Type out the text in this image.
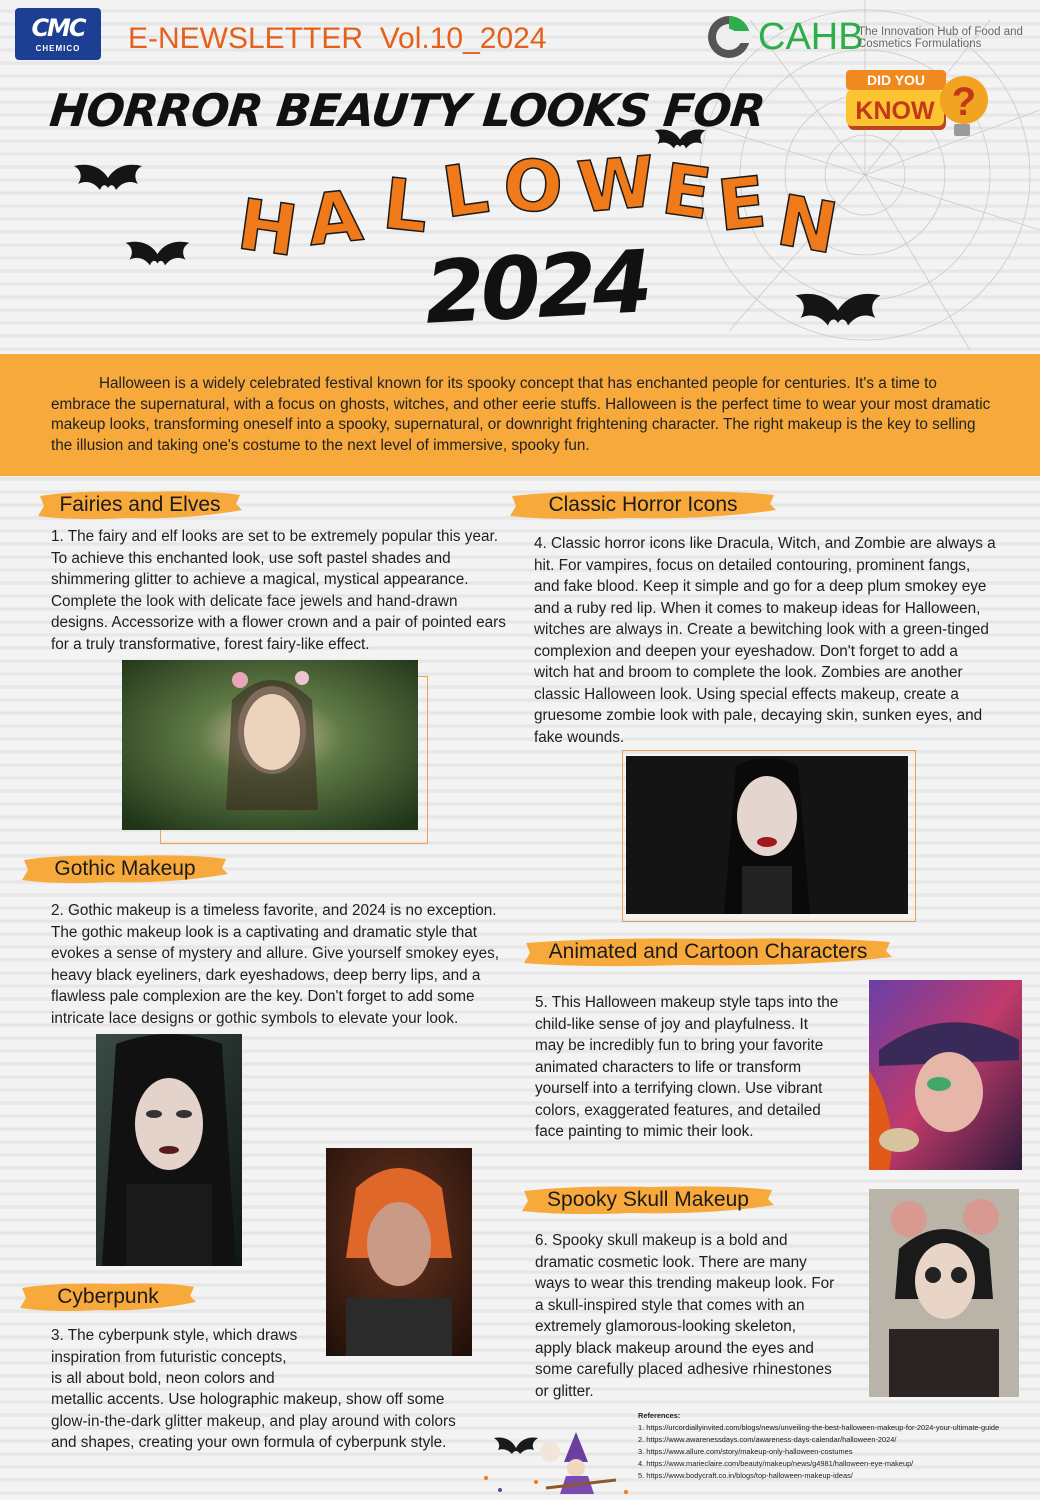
CMC
CHEMICO	E-NEWSLETTER  Vol.10_2024	CAHB
The Innovation Hub of Food and Cosmetics Formulations
DID YOU
KNOW ?
HORROR BEAUTY LOOKS FOR
H A L L O W E
E N
2024

Halloween is a widely celebrated festival known for its spooky concept that has enchanted people for centuries. It's a time to embrace the supernatural, with a focus on ghosts, witches, and other eerie stuffs. Halloween is the perfect time to wear your most dramatic makeup looks, transforming oneself into a spooky, supernatural, or downright frightening character. The right makeup is the key to selling the illusion and taking one's costume to the next level of immersive, spooky fun.

Fairies and Elves

1. The fairy and elf looks are set to be extremely popular this year. To achieve this enchanted look, use soft pastel shades and shimmering glitter to achieve a magical, mystical appearance. Complete the look with delicate face jewels and hand-drawn designs. Accessorize with a flower crown and a pair of pointed ears for a truly transformative, forest fairy-like effect.

Gothic Makeup

2. Gothic makeup is a timeless favorite, and 2024 is no exception. The gothic makeup look is a captivating and dramatic style that evokes a sense of mystery and allure. Give yourself smokey eyes, heavy black eyeliners, dark eyeshadows, deep berry lips, and a flawless pale complexion are the key. Don't forget to add some intricate lace designs or gothic symbols to elevate your look.

Cyberpunk
3. The cyberpunk style, which draws
inspiration from futuristic concepts,
is all about bold, neon colors and

metallic accents. Use holographic makeup, show off some glow-in-the-dark glitter makeup, and play around with colors and shapes, creating your own formula of cyberpunk style.

Classic Horror Icons

4. Classic horror icons like Dracula, Witch, and Zombie are always a hit. For vampires, focus on detailed contouring, prominent fangs, and fake blood. Keep it simple and go for a deep plum smokey eye and a ruby red lip. When it comes to makeup ideas for Halloween, witches are always in. Create a bewitching look with a green-tinged complexion and deepen your eyeshadow. Don't forget to add a witch hat and broom to complete the look. Zombies are another classic Halloween look. Using special effects makeup, create a gruesome zombie look with pale, decaying skin, sunken eyes, and fake wounds.

Animated and Cartoon Characters

5. This Halloween makeup style taps into the child-like sense of joy and playfulness. It may be incredibly fun to bring your favorite animated characters to life or transform yourself into a terrifying clown. Use vibrant colors, exaggerated features, and detailed face painting to mimic their look.

Spooky Skull Makeup

6. Spooky skull makeup is a bold and dramatic cosmetic look. There are many ways to wear this trending makeup look. For a skull-inspired style that comes with an extremely glamorous-looking skeleton, apply black makeup around the eyes and some carefully placed adhesive rhinestones or glitter.

References:
1. https://urcordiallyinvited.com/blogs/news/unveiling-the-best-halloween-makeup-for-2024-your-ultimate-guide
2. https://www.awarenessdays.com/awareness-days-calendar/halloween-2024/
3. https://www.allure.com/story/makeup-only-halloween-costumes
4. https://www.marieclaire.com/beauty/makeup/news/g4981/halloween-eye-makeup/
5. https://www.bodycraft.co.in/blogs/top-halloween-makeup-ideas/
